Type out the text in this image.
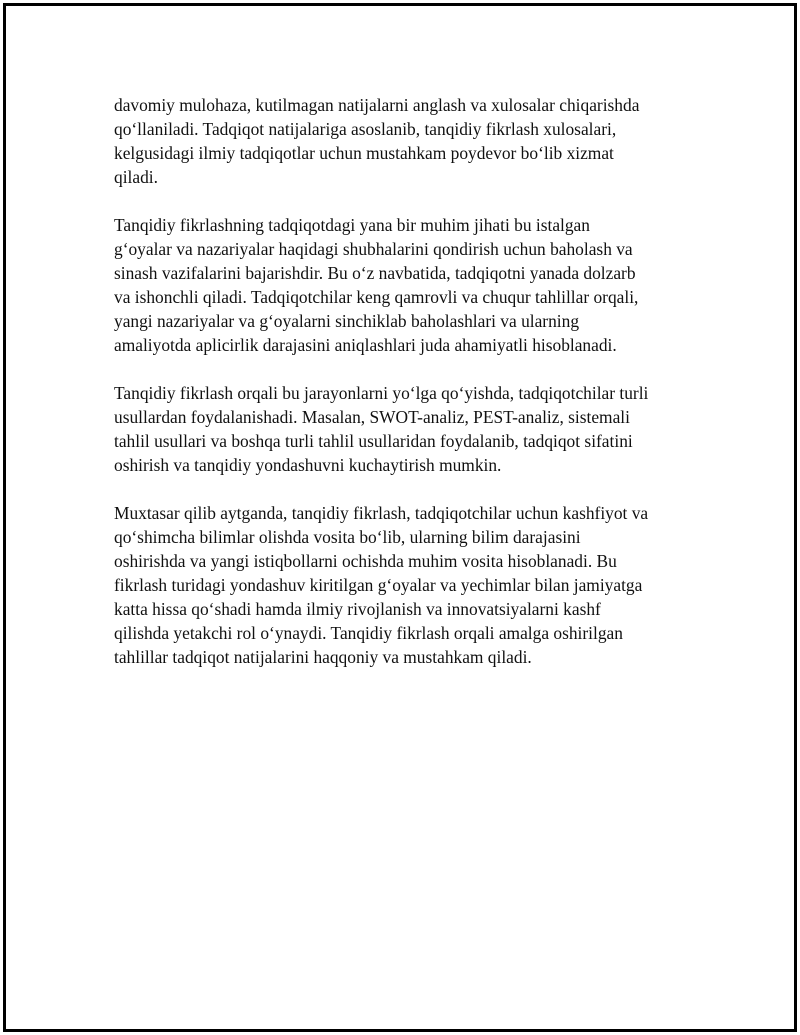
davomiy mulohaza, kutilmagan natijalarni anglash va xulosalar chiqarishda
qo‘llaniladi. Tadqiqot natijalariga asoslanib, tanqidiy fikrlash xulosalari,
kelgusidagi ilmiy tadqiqotlar uchun mustahkam poydevor bo‘lib xizmat
qiladi.

Tanqidiy fikrlashning tadqiqotdagi yana bir muhim jihati bu istalgan
g‘oyalar va nazariyalar haqidagi shubhalarini qondirish uchun baholash va
sinash vazifalarini bajarishdir. Bu o‘z navbatida, tadqiqotni yanada dolzarb
va ishonchli qiladi. Tadqiqotchilar keng qamrovli va chuqur tahlillar orqali,
yangi nazariyalar va g‘oyalarni sinchiklab baholashlari va ularning
amaliyotda aplicirlik darajasini aniqlashlari juda ahamiyatli hisoblanadi.

Tanqidiy fikrlash orqali bu jarayonlarni yo‘lga qo‘yishda, tadqiqotchilar turli
usullardan foydalanishadi. Masalan, SWOT-analiz, PEST-analiz, sistemali
tahlil usullari va boshqa turli tahlil usullaridan foydalanib, tadqiqot sifatini
oshirish va tanqidiy yondashuvni kuchaytirish mumkin.

Muxtasar qilib aytganda, tanqidiy fikrlash, tadqiqotchilar uchun kashfiyot va
qo‘shimcha bilimlar olishda vosita bo‘lib, ularning bilim darajasini
oshirishda va yangi istiqbollarni ochishda muhim vosita hisoblanadi. Bu
fikrlash turidagi yondashuv kiritilgan g‘oyalar va yechimlar bilan jamiyatga
katta hissa qo‘shadi hamda ilmiy rivojlanish va innovatsiyalarni kashf
qilishda yetakchi rol o‘ynaydi. Tanqidiy fikrlash orqali amalga oshirilgan
tahlillar tadqiqot natijalarini haqqoniy va mustahkam qiladi.
